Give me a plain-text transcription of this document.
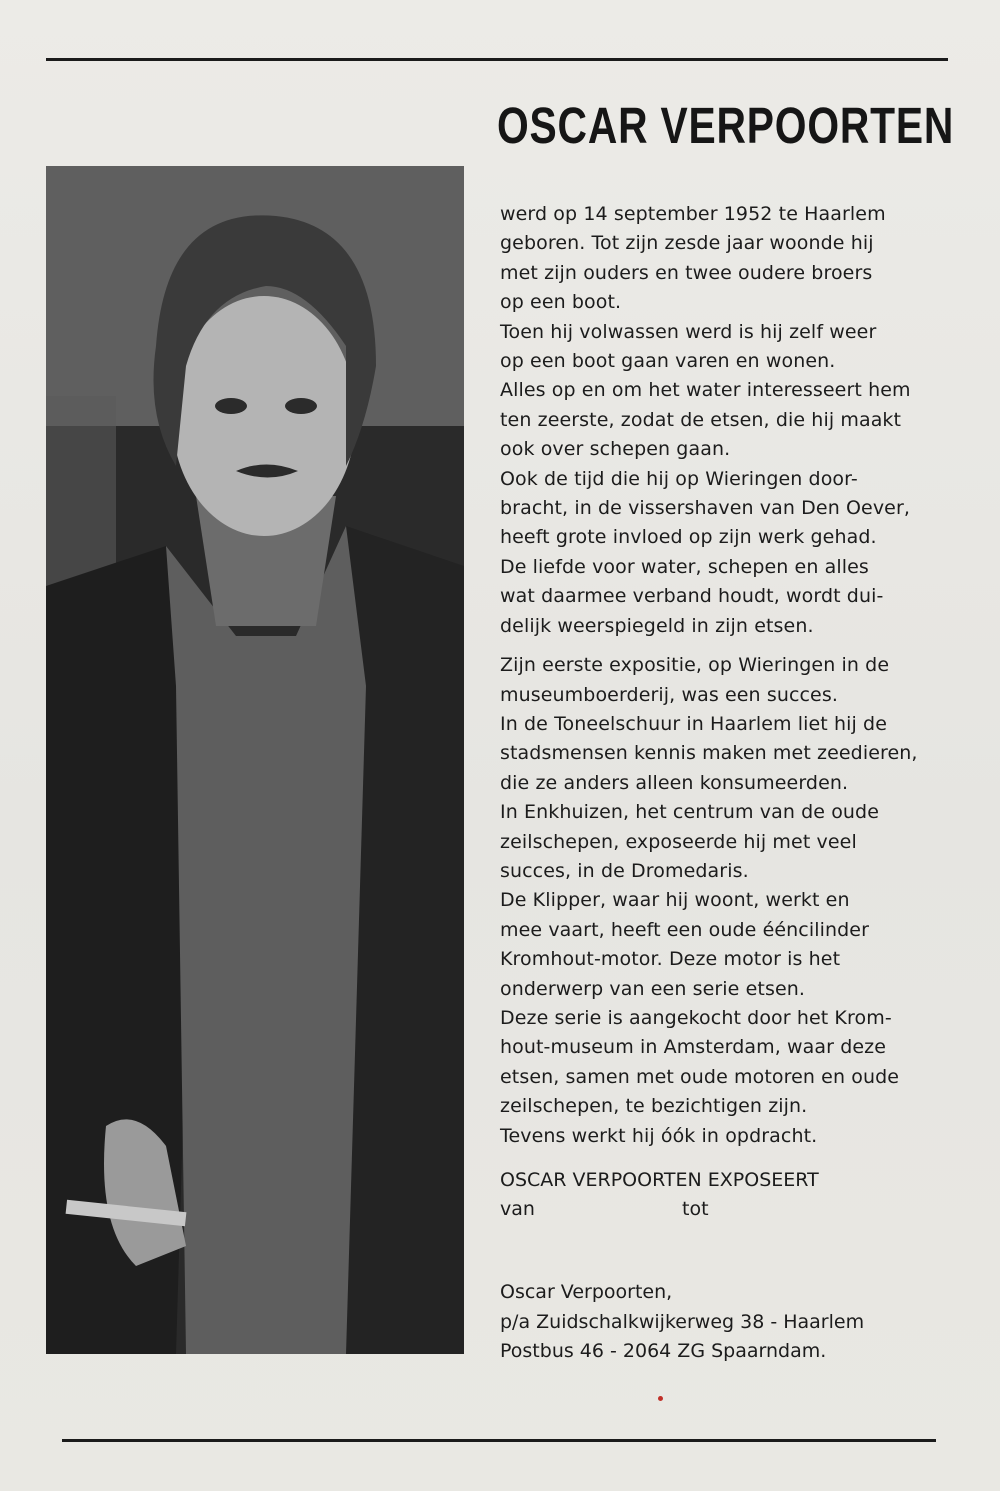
OSCAR VERPOORTEN

werd op 14 september 1952 te Haarlem

geboren. Tot zijn zesde jaar woonde hij

met zijn ouders en twee oudere broers

op een boot.

Toen hij volwassen werd is hij zelf weer

op een boot gaan varen en wonen.

Alles op en om het water interesseert hem

ten zeerste, zodat de etsen, die hij maakt

ook over schepen gaan.

Ook de tijd die hij op Wieringen door-

bracht, in de vissershaven van Den Oever,

heeft grote invloed op zijn werk gehad.

De liefde voor water, schepen en alles

wat daarmee verband houdt, wordt dui-

delijk weerspiegeld in zijn etsen.

Zijn eerste expositie, op Wieringen in de

museumboerderij, was een succes.

In de Toneelschuur in Haarlem liet hij de

stadsmensen kennis maken met zeedieren,

die ze anders alleen konsumeerden.

In Enkhuizen, het centrum van de oude

zeilschepen, exposeerde hij met veel

succes, in de Dromedaris.

De Klipper, waar hij woont, werkt en

mee vaart, heeft een oude ééncilinder

Kromhout-motor. Deze motor is het

onderwerp van een serie etsen.

Deze serie is aangekocht door het Krom-

hout-museum in Amsterdam, waar deze

etsen, samen met oude motoren en oude

zeilschepen, te bezichtigen zijn.

Tevens werkt hij óók in opdracht.

OSCAR VERPOORTEN EXPOSEERT
van	tot

Oscar Verpoorten,

p/a Zuidschalkwijkerweg 38 - Haarlem

Postbus 46 - 2064 ZG Spaarndam.
